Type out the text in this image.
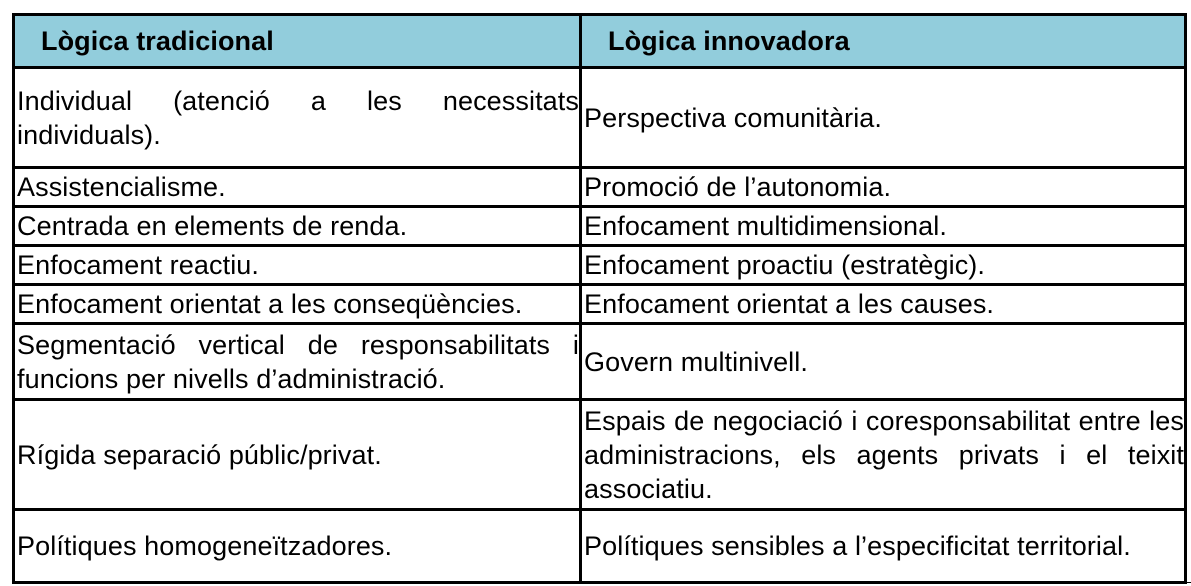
Lògica tradicional	Lògica innovadora
Individual (atenció a les necessitats individuals).	Perspectiva comunitària.
Assistencialisme.	Promoció de l’autonomia.
Centrada en elements de renda.	Enfocament multidimensional.
Enfocament reactiu.	Enfocament proactiu (estratègic).
Enfocament orientat a les conseqüències.	Enfocament orientat a les causes.
Segmentació vertical de responsabilitats i funcions per nivells d’administració.	Govern multinivell.
Rígida separació públic/privat.	Espais de negociació i coresponsabilitat entre les administracions, els agents privats i el teixit associatiu.
Polítiques homogeneïtzadores.	Polítiques sensibles a l’especificitat territorial.
